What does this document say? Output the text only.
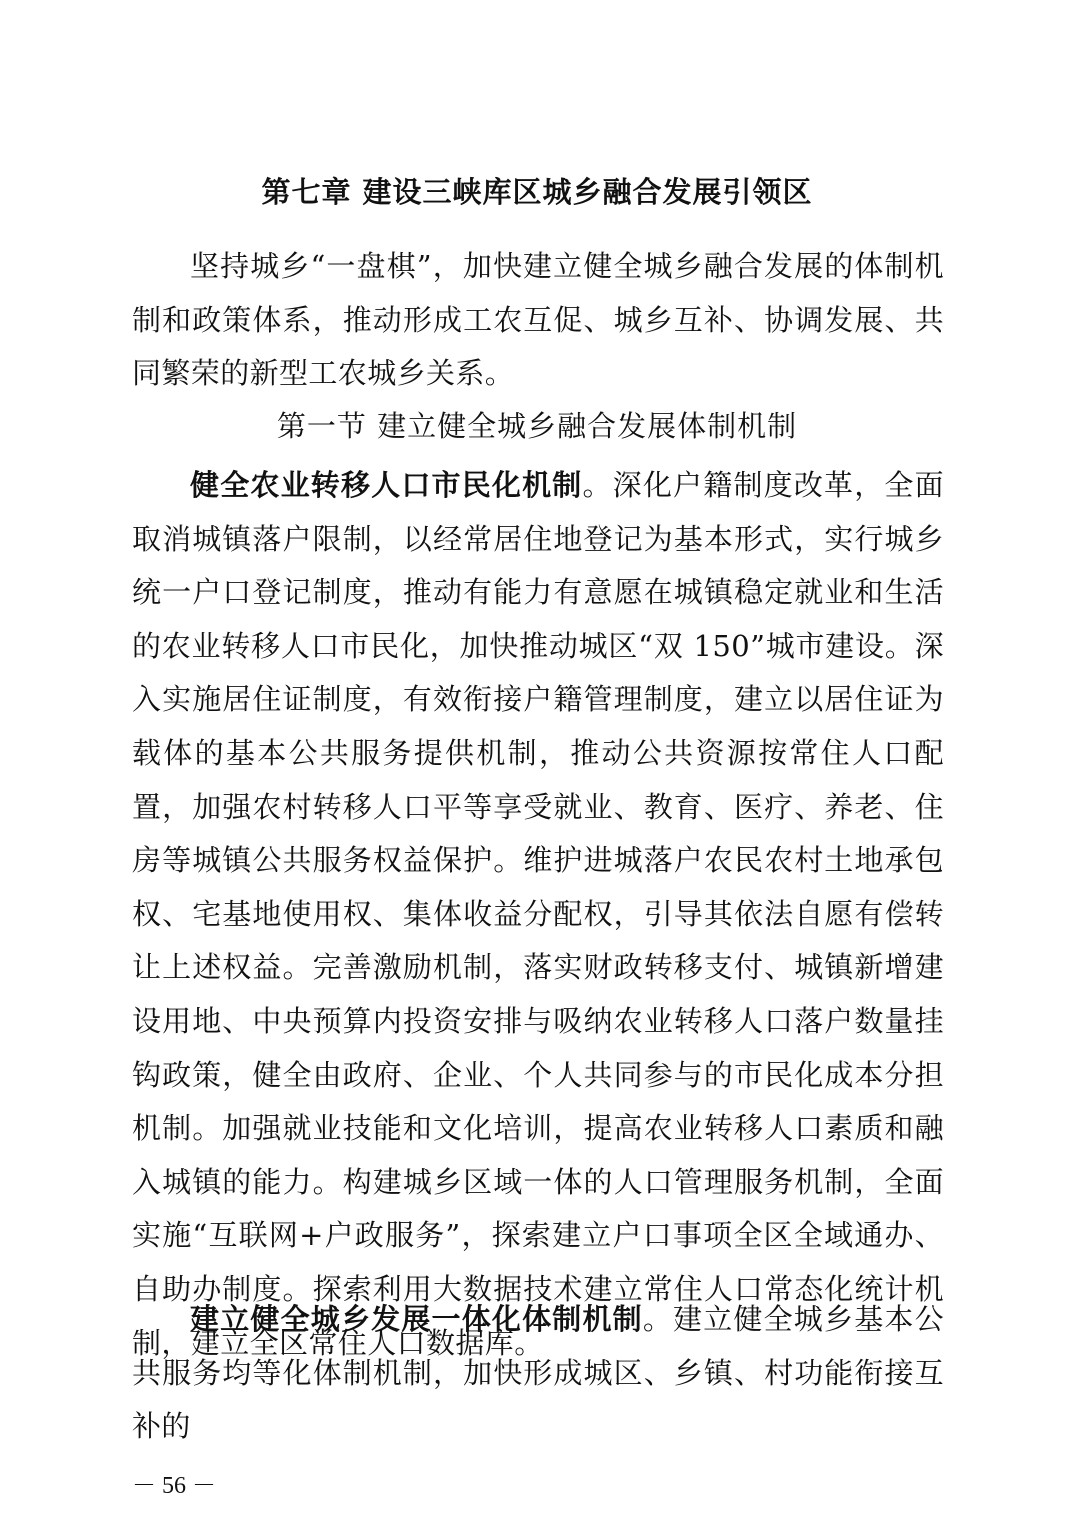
第七章 建设三峡库区城乡融合发展引领区

坚持城乡“一盘棋”，加快建立健全城乡融合发展的体制机制和政策体系，推动形成工农互促、城乡互补、协调发展、共同繁荣的新型工农城乡关系。

第一节 建立健全城乡融合发展体制机制

健全农业转移人口市民化机制。深化户籍制度改革，全面取消城镇落户限制，以经常居住地登记为基本形式，实行城乡统一户口登记制度，推动有能力有意愿在城镇稳定就业和生活的农业转移人口市民化，加快推动城区“双 150”城市建设。深入实施居住证制度，有效衔接户籍管理制度，建立以居住证为载体的基本公共服务提供机制，推动公共资源按常住人口配置，加强农村转移人口平等享受就业、教育、医疗、养老、住房等城镇公共服务权益保护。维护进城落户农民农村土地承包权、宅基地使用权、集体收益分配权，引导其依法自愿有偿转让上述权益。完善激励机制，落实财政转移支付、城镇新增建设用地、中央预算内投资安排与吸纳农业转移人口落户数量挂钩政策，健全由政府、企业、个人共同参与的市民化成本分担机制。加强就业技能和文化培训，提高农业转移人口素质和融入城镇的能力。构建城乡区域一体的人口管理服务机制，全面实施“互联网+户政服务”，探索建立户口事项全区全域通办、自助办制度。探索利用大数据技术建立常住人口常态化统计机制，建立全区常住人口数据库。

建立健全城乡发展一体化体制机制。建立健全城乡基本公共服务均等化体制机制，加快形成城区、乡镇、村功能衔接互补的

－ 56 －
